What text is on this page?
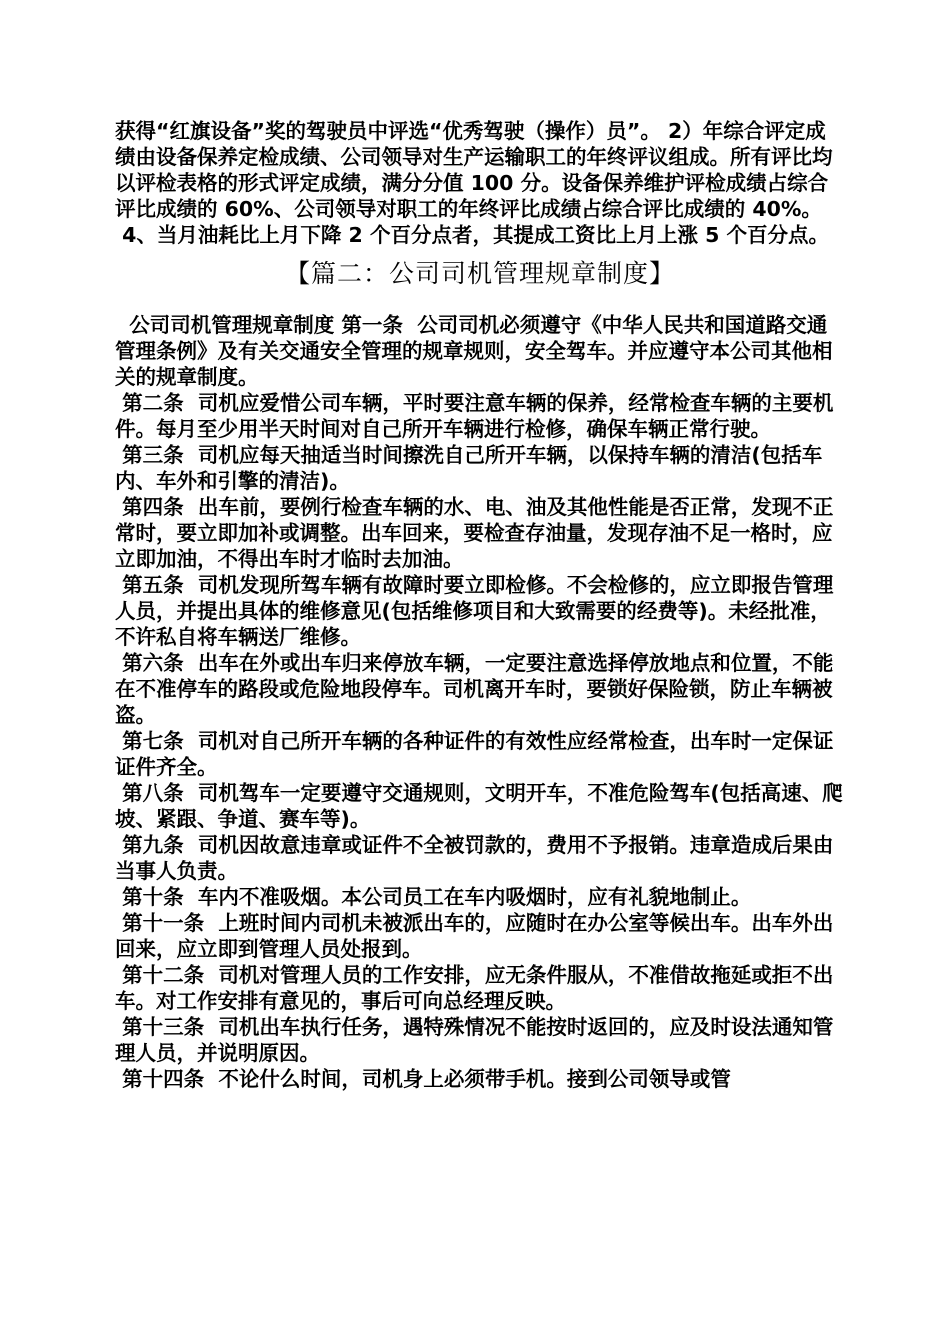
获得“红旗设备”奖的驾驶员中评选“优秀驾驶（操作）员”。 2）年综合评定成绩由设备保养定检成绩、公司领导对生产运输职工的年终评议组成。所有评比均以评检表格的形式评定成绩，满分分值 100 分。设备保养维护评检成绩占综合评比成绩的 60%、公司领导对职工的年终评比成绩占综合评比成绩的 40%。

4、当月油耗比上月下降 2 个百分点者，其提成工资比上月上涨 5 个百分点。

【篇二：公司司机管理规章制度】

公司司机管理规章制度 第一条  公司司机必须遵守《中华人民共和国道路交通管理条例》及有关交通安全管理的规章规则，安全驾车。并应遵守本公司其他相关的规章制度。

第二条  司机应爱惜公司车辆，平时要注意车辆的保养，经常检查车辆的主要机件。每月至少用半天时间对自己所开车辆进行检修，确保车辆正常行驶。

第三条  司机应每天抽适当时间擦洗自己所开车辆，以保持车辆的清洁(包括车内、车外和引擎的清洁)。

第四条  出车前，要例行检查车辆的水、电、油及其他性能是否正常，发现不正常时，要立即加补或调整。出车回来，要检查存油量，发现存油不足一格时，应立即加油，不得出车时才临时去加油。

第五条  司机发现所驾车辆有故障时要立即检修。不会检修的，应立即报告管理人员，并提出具体的维修意见(包括维修项目和大致需要的经费等)。未经批准，不许私自将车辆送厂维修。

第六条  出车在外或出车归来停放车辆，一定要注意选择停放地点和位置，不能在不准停车的路段或危险地段停车。司机离开车时，要锁好保险锁，防止车辆被盗。

第七条  司机对自己所开车辆的各种证件的有效性应经常检查，出车时一定保证证件齐全。

第八条  司机驾车一定要遵守交通规则，文明开车，不准危险驾车(包括高速、爬坡、紧跟、争道、赛车等)。

第九条  司机因故意违章或证件不全被罚款的，费用不予报销。违章造成后果由当事人负责。

第十条  车内不准吸烟。本公司员工在车内吸烟时，应有礼貌地制止。

第十一条  上班时间内司机未被派出车的，应随时在办公室等候出车。出车外出回来，应立即到管理人员处报到。

第十二条  司机对管理人员的工作安排，应无条件服从，不准借故拖延或拒不出车。对工作安排有意见的，事后可向总经理反映。

第十三条  司机出车执行任务，遇特殊情况不能按时返回的，应及时设法通知管理人员，并说明原因。

第十四条  不论什么时间，司机身上必须带手机。接到公司领导或管
